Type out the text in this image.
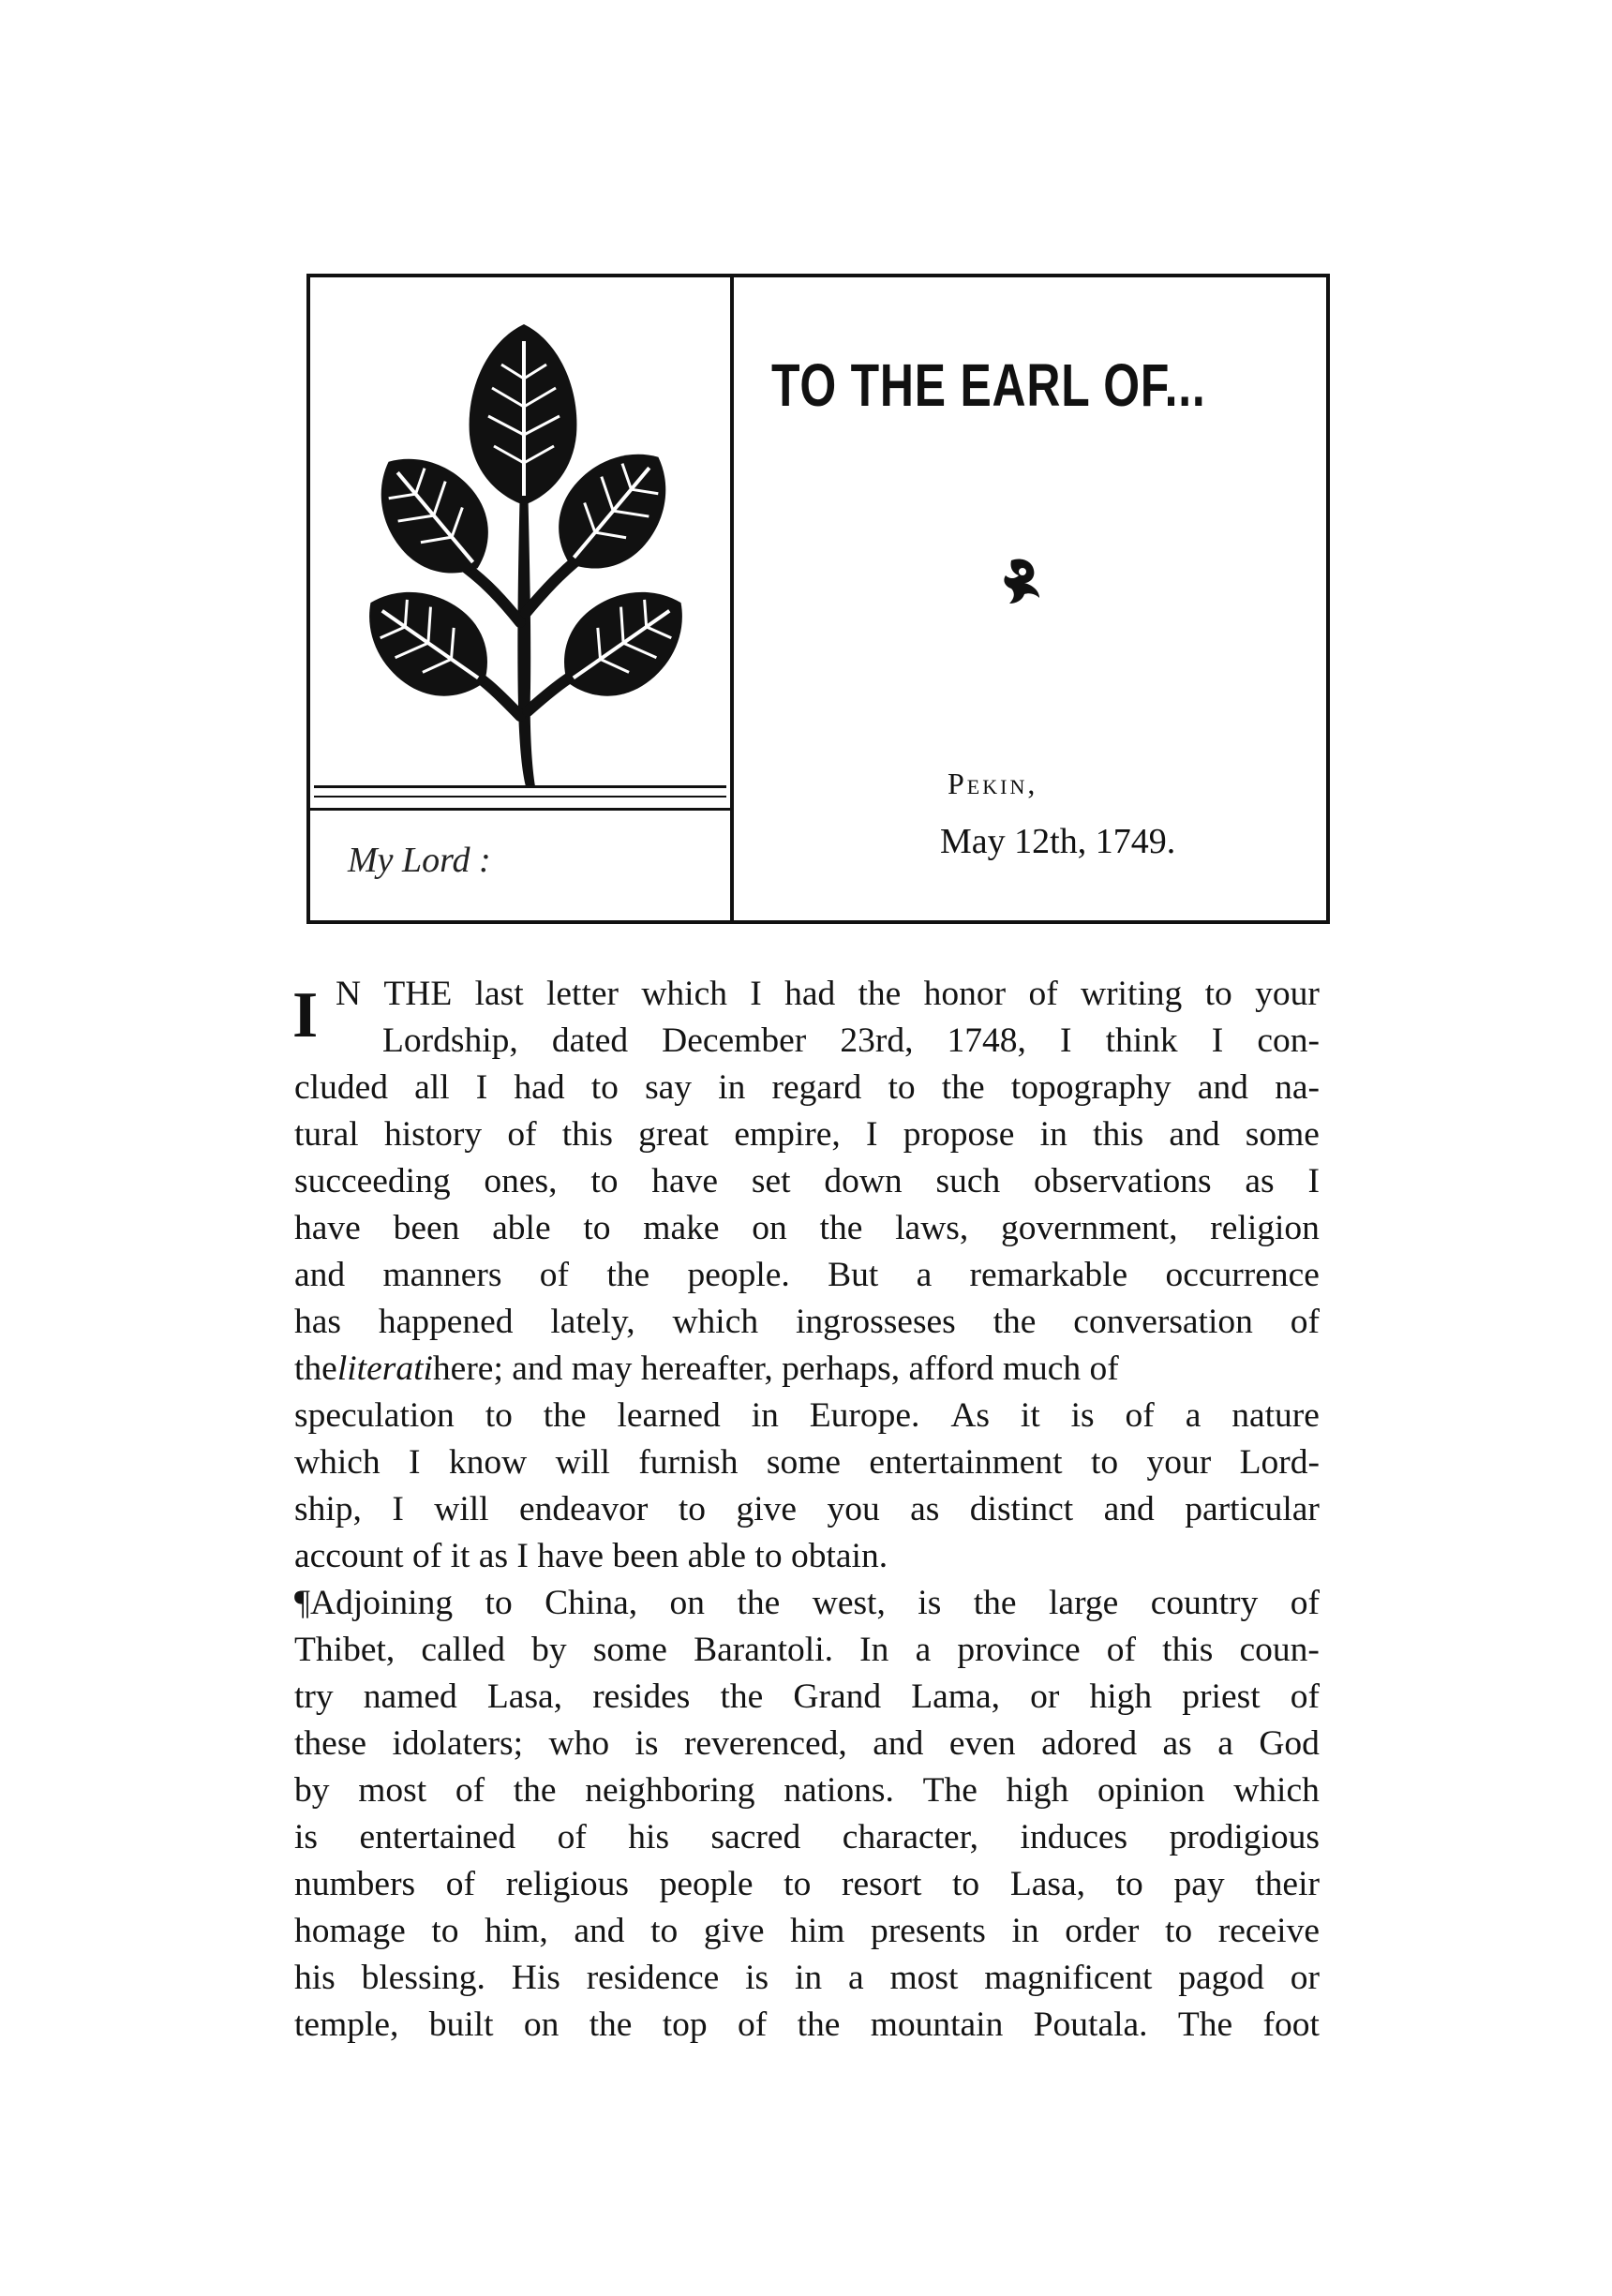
My Lord :
TO THE EARL OF...
Pekin,
May 12th, 1749.
I N THE last letter which I had the honor of writing to your
Lordship, dated December 23rd, 1748, I think I con-
cluded all I had to say in regard to the topography and na-
tural history of this great empire, I propose in this and some
succeeding ones, to have set down such observations as I
have been able to make on the laws, government, religion
and manners of the people. But a remarkable occurrence
has happened lately, which ingrosseses the conversation of
theliteratihere; and may hereafter, perhaps, afford much of
speculation to the learned in Europe. As it is of a nature
which I know will furnish some entertainment to your Lord-
ship, I will endeavor to give you as distinct and particular
account of it as I have been able to obtain.
¶Adjoining to China, on the west, is the large country of
Thibet, called by some Barantoli. In a province of this coun-
try named Lasa, resides the Grand Lama, or high priest of
these idolaters; who is reverenced, and even adored as a God
by most of the neighboring nations. The high opinion which
is entertained of his sacred character, induces prodigious
numbers of religious people to resort to Lasa, to pay their
homage to him, and to give him presents in order to receive
his blessing. His residence is in a most magnificent pagod or
temple, built on the top of the mountain Poutala. The foot
